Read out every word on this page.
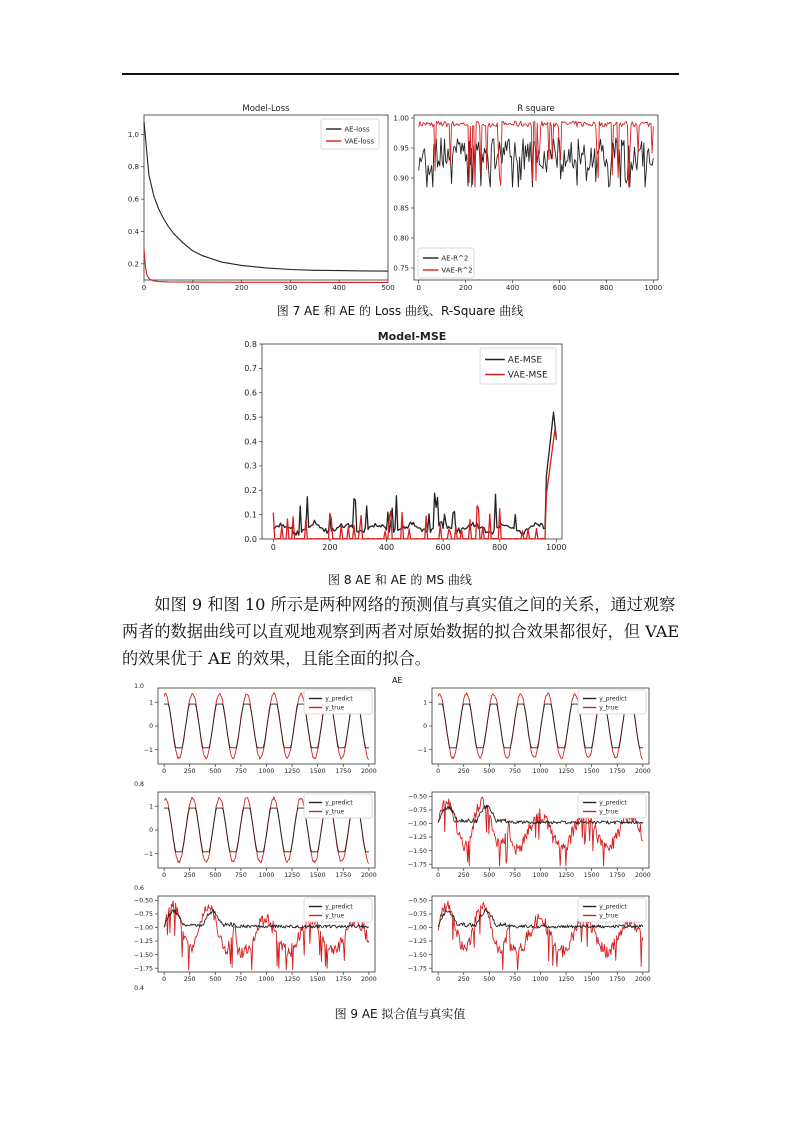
Model-Loss
0	100	200	300	400	500
0.2
0.4
0.6
0.8
1.0
AE-loss
VAE-loss
R square
0	200	400	600	800	1000
0.75
0.80
0.85
0.90
0.95
1.00
AE-R^2
VAE-R^2
图 7 AE 和 AE 的 Loss 曲线、R-Square 曲线
Model-MSE
0	200	400	600	800	1000
0.0
0.1
0.2
0.3
0.4
0.5
0.6
0.7
0.8
AE-MSE
VAE-MSE
图 8 AE 和 AE 的 MS 曲线

如图 9 和图 10 所示是两种网络的预测值与真实值之间的关系，通过观察两者的数据曲线可以直观地观察到两者对原始数据的拟合效果都很好，但 VAE 的效果优于 AE 的效果，且能全面的拟合。

AE
0	250 500 750 1000 1250 1500 1750 2000
−1
0
1
1.0
y_predict
y_true
0	250 500 750 1000 1250 1500 1750 2000
−1
0
1
y_predict
y_true
0	250 500 750 1000 1250 1500 1750 2000
−1
0
1
0.8
y_predict
y_true
0	250 500 750 1000 1250 1500 1750 2000
−1.75
−1.50
−1.25
−1.00
−0.75
−0.50
y_predict
y_true
0	250 500 750 1000 1250 1500 1750 2000
−1.75
−1.50
−1.25
−1.00
−0.75
−0.50
0.6
0.4
y_predict
y_true
0	250 500 750 1000 1250 1500 1750 2000
−1.75
−1.50
−1.25
−1.00
−0.75
−0.50
y_predict
y_true
图 9 AE 拟合值与真实值
